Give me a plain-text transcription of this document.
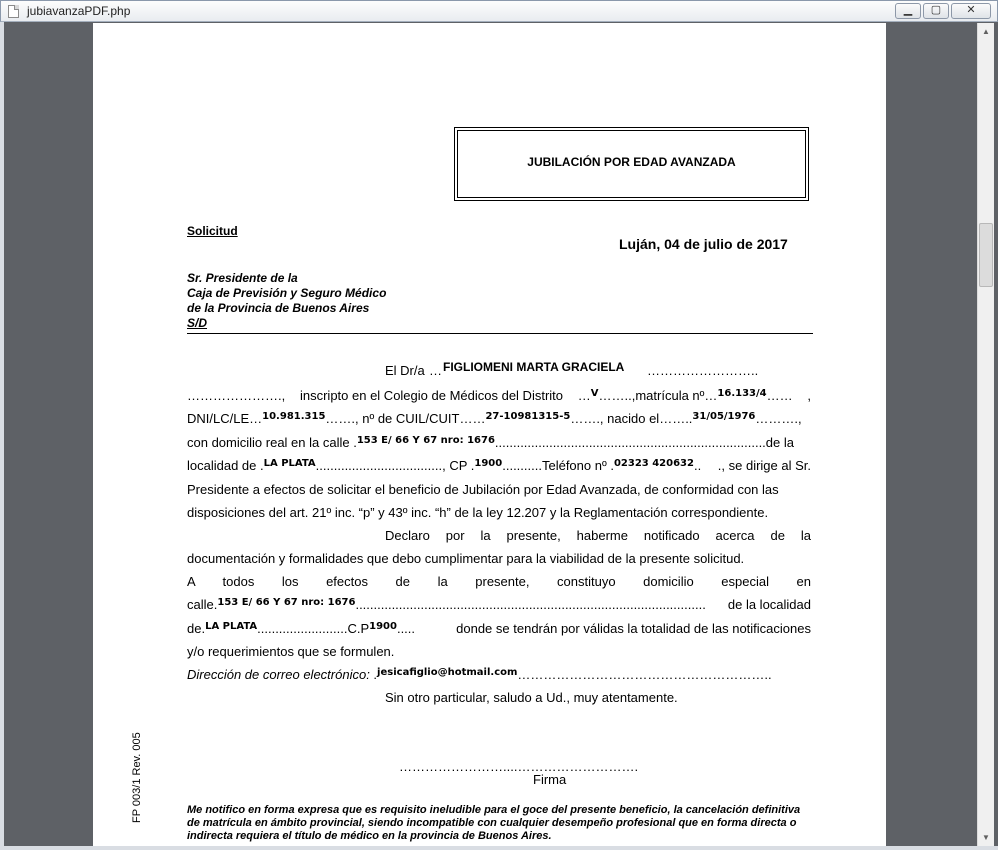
jubiavanzaPDF.php	▁	▢	✕
▲
▼
JUBILACIÓN POR EDAD AVANZADA
Solicitud
Luján, 04 de julio de 2017
Sr. Presidente de la
Caja de Previsión y Seguro Médico
de la Provincia de Buenos Aires
S/D
El Dr/a … FIGLIOMENI MARTA GRACIELA ……………………..
…………………., inscripto en el Colegio de Médicos del Distrito …$^V$……..,matrícula nº…$^{16.133/4}$…… ,
DNI/LC/LE…$^{10.981.315}$……., nº de CUIL/CUIT……$^{27-10981315-5}$……., nacido el……..$^{31/05/1976}$……….,
con domicilio real en la calle .$^{153 E/ 66 Y 67 nro: 1676}$...........................................................................de la
localidad de .$^{LA PLATA}$..................................., CP .$^{1900}$...........Teléfono nº .$^{02323 420632}$.. ., se dirige al Sr.
Presidente a efectos de solicitar el beneficio de Jubilación por Edad Avanzada, de conformidad con las
disposiciones del art. 21º inc. “p” y 43º inc. “h” de la ley 12.207 y la Reglamentación correspondiente.
Declaro por la presente, haberme notificado acerca de la
documentación y formalidades que debo cumplimentar para la viabilidad de la presente solicitud.
A todos los efectos de la presente, constituyo domicilio especial en
calle.$^{153 E/ 66 Y 67 nro: 1676}$................................................................................................. de la localidad
$de.^{LA PLATA}.........................C.P^{1900}$.....	donde se tendrán por válidas la totalidad de las notificaciones
y/o requerimientos que se formulen.
Dirección de correo electrónico: .$^{jesicafiglio@hotmail.com}$…………………………………………………..
Sin otro particular, saludo a Ud., muy atentamente.
……………………....……………………….
Firma
Me notifico en forma expresa que es requisito ineludible para el goce del presente beneficio, la cancelación definitiva de matrícula en ámbito provincial, siendo incompatible con cualquier desempeño profesional que en forma directa o indirecta requiera el título de médico en la provincia de Buenos Aires.
FP 003/1 Rev. 005
